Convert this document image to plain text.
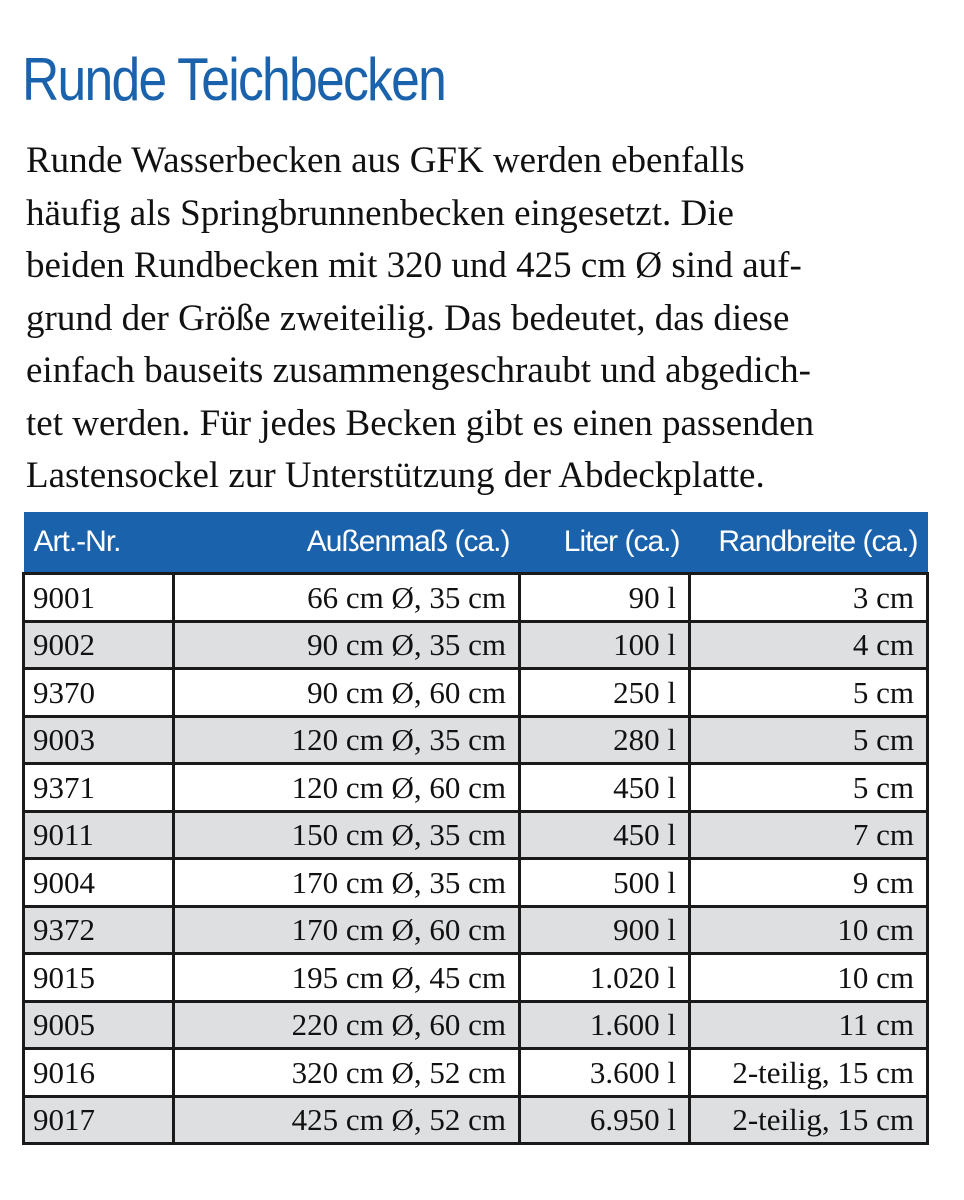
Runde Teichbecken

Runde Wasserbecken aus GFK werden ebenfalls
häufig als Springbrunnenbecken eingesetzt. Die
beiden Rundbecken mit 320 und 425 cm Ø sind auf-
grund der Größe zweiteilig. Das bedeutet, das diese
einfach bauseits zusammengeschraubt und abgedich-
tet werden. Für jedes Becken gibt es einen passenden
Lastensockel zur Unterstützung der Abdeckplatte.

Art.-Nr.	Außenmaß (ca.)	Liter (ca.)	Randbreite (ca.)
9001	66 cm Ø, 35 cm	90 l	3 cm
9002	90 cm Ø, 35 cm	100 l	4 cm
9370	90 cm Ø, 60 cm	250 l	5 cm
9003	120 cm Ø, 35 cm	280 l	5 cm
9371	120 cm Ø, 60 cm	450 l	5 cm
9011	150 cm Ø, 35 cm	450 l	7 cm
9004	170 cm Ø, 35 cm	500 l	9 cm
9372	170 cm Ø, 60 cm	900 l	10 cm
9015	195 cm Ø, 45 cm	1.020 l	10 cm
9005	220 cm Ø, 60 cm	1.600 l	11 cm
9016	320 cm Ø, 52 cm	3.600 l	2-teilig, 15 cm
9017	425 cm Ø, 52 cm	6.950 l	2-teilig, 15 cm
